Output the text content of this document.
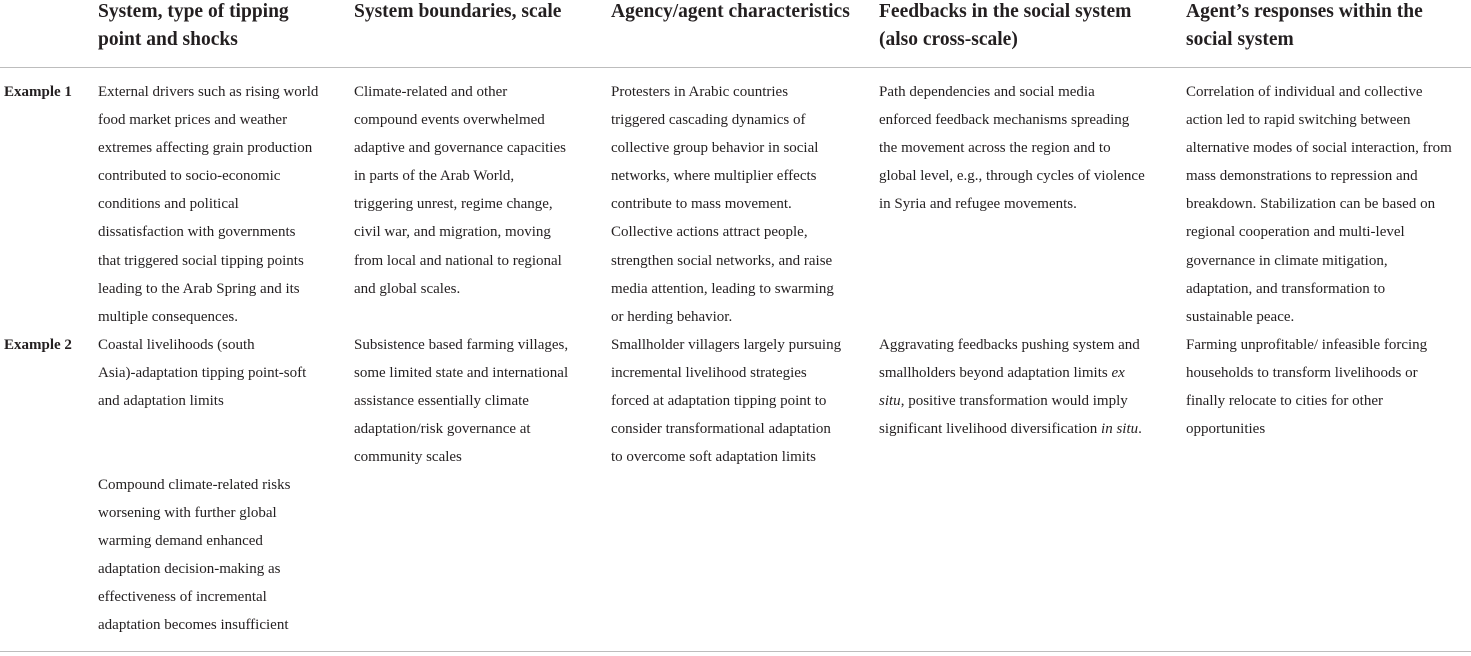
System, type of tipping
point and shocks
System boundaries, scale	Agency/agent characteristics Feedbacks in the social system
(also cross-scale)
Agent’s responses within the
social system
Example 1 External drivers such as rising world
food market prices and weather
extremes affecting grain production
contributed to socio-economic
conditions and political
dissatisfaction with governments
that triggered social tipping points
leading to the Arab Spring and its
multiple consequences.
Climate-related and other
compound events overwhelmed
adaptive and governance capacities
in parts of the Arab World,
triggering unrest, regime change,
civil war, and migration, moving
from local and national to regional
and global scales.
Protesters in Arabic countries
triggered cascading dynamics of
collective group behavior in social
networks, where multiplier effects
contribute to mass movement.
Collective actions attract people,
strengthen social networks, and raise
media attention, leading to swarming
or herding behavior.
Path dependencies and social media
enforced feedback mechanisms spreading
the movement across the region and to
global level, e.g., through cycles of violence
in Syria and refugee movements.
Correlation of individual and collective
action led to rapid switching between
alternative modes of social interaction, from
mass demonstrations to repression and
breakdown. Stabilization can be based on
regional cooperation and multi-level
governance in climate mitigation,
adaptation, and transformation to
sustainable peace.
Example 2 Coastal livelihoods (south
Asia)-adaptation tipping point-soft
and adaptation limits
Compound climate-related risks
worsening with further global
warming demand enhanced
adaptation decision-making as
effectiveness of incremental
adaptation becomes insufficient
Subsistence based farming villages,
some limited state and international
assistance essentially climate
adaptation/risk governance at
community scales
Smallholder villagers largely pursuing
incremental livelihood strategies
forced at adaptation tipping point to
consider transformational adaptation
to overcome soft adaptation limits
Aggravating feedbacks pushing system and
smallholders beyond adaptation limits ex
situ, positive transformation would imply
significant livelihood diversification in situ.
Farming unprofitable/ infeasible forcing
households to transform livelihoods or
finally relocate to cities for other
opportunities
